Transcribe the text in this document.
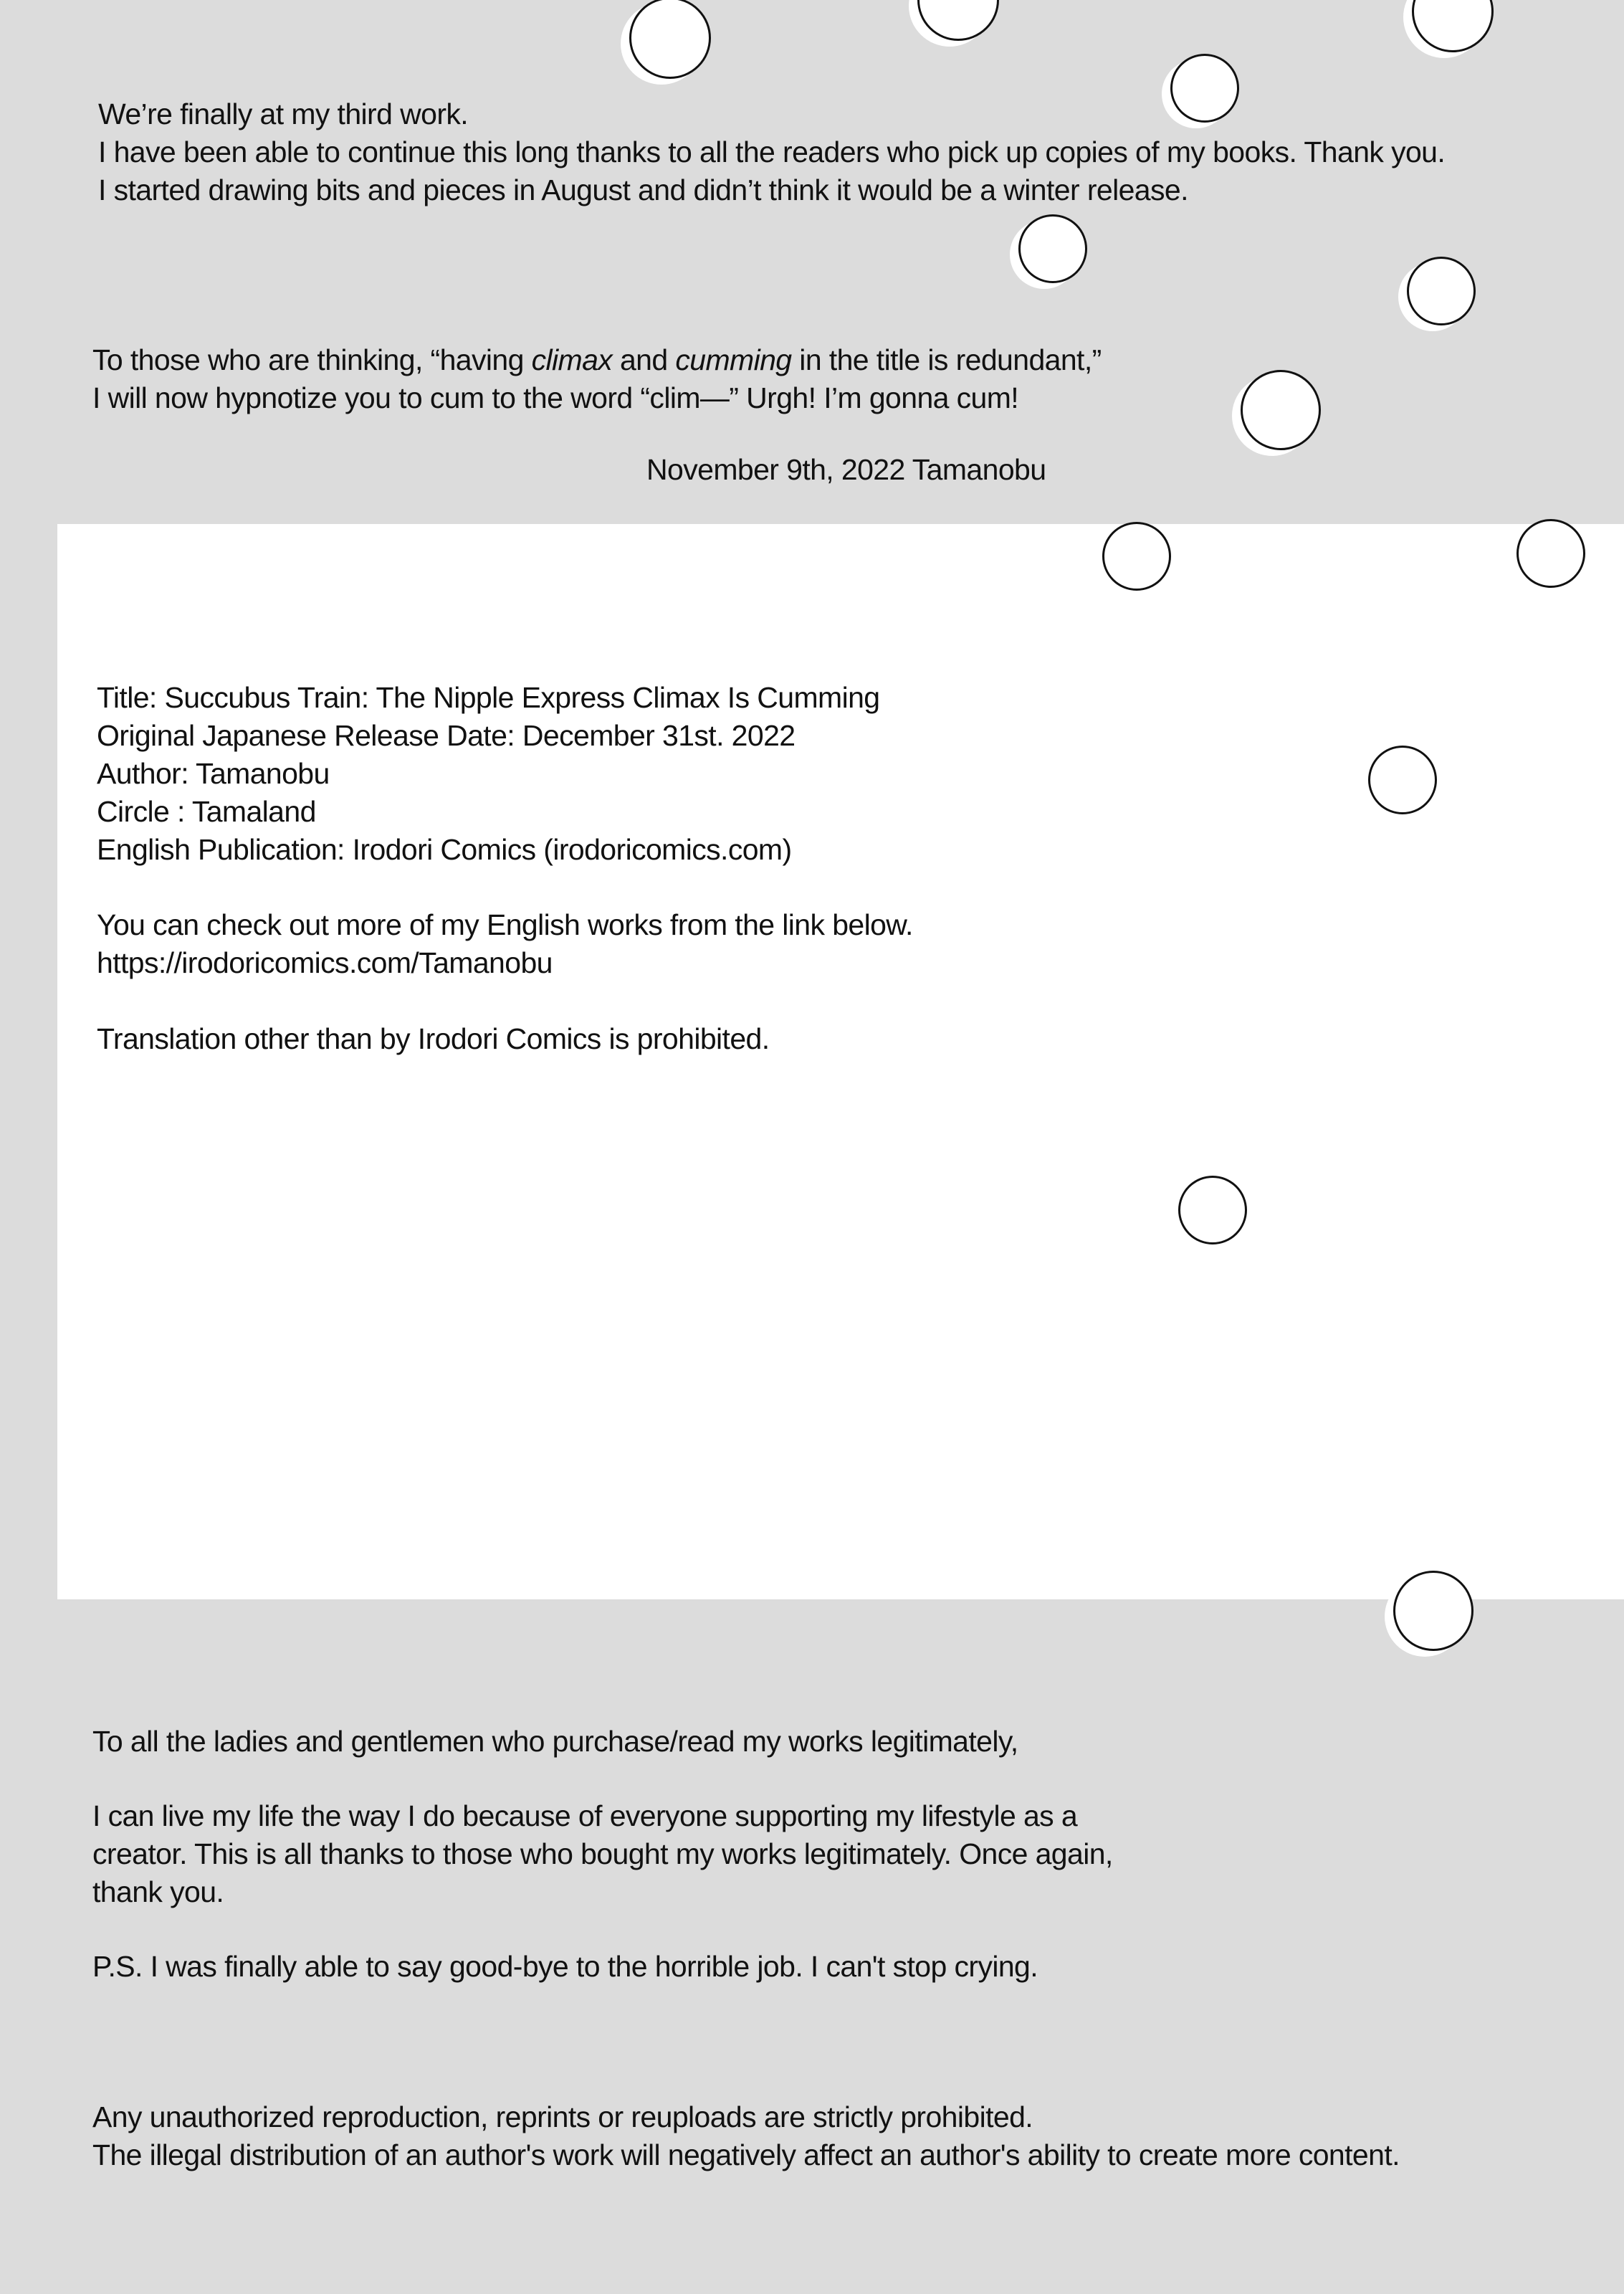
We’re finally at my third work.
I have been able to continue this long thanks to all the readers who pick up copies of my books. Thank you.
I started drawing bits and pieces in August and didn’t think it would be a winter release.
To those who are thinking, “having climax and cumming in the title is redundant,”
I will now hypnotize you to cum to the word “clim—” Urgh! I’m gonna cum!
November 9th, 2022 Tamanobu
Title: Succubus Train: The Nipple Express Climax Is Cumming
Original Japanese Release Date: December 31st. 2022
Author: Tamanobu
Circle : Tamaland
English Publication: Irodori Comics (irodoricomics.com)
You can check out more of my English works from the link below.
https://irodoricomics.com/Tamanobu
Translation other than by Irodori Comics is prohibited.
To all the ladies and gentlemen who purchase/read my works legitimately,
I can live my life the way I do because of everyone supporting my lifestyle as a
creator. This is all thanks to those who bought my works legitimately. Once again,
thank you.
P.S. I was finally able to say good-bye to the horrible job. I can't stop crying.
Any unauthorized reproduction, reprints or reuploads are strictly prohibited.
The illegal distribution of an author's work will negatively affect an author's ability to create more content.
